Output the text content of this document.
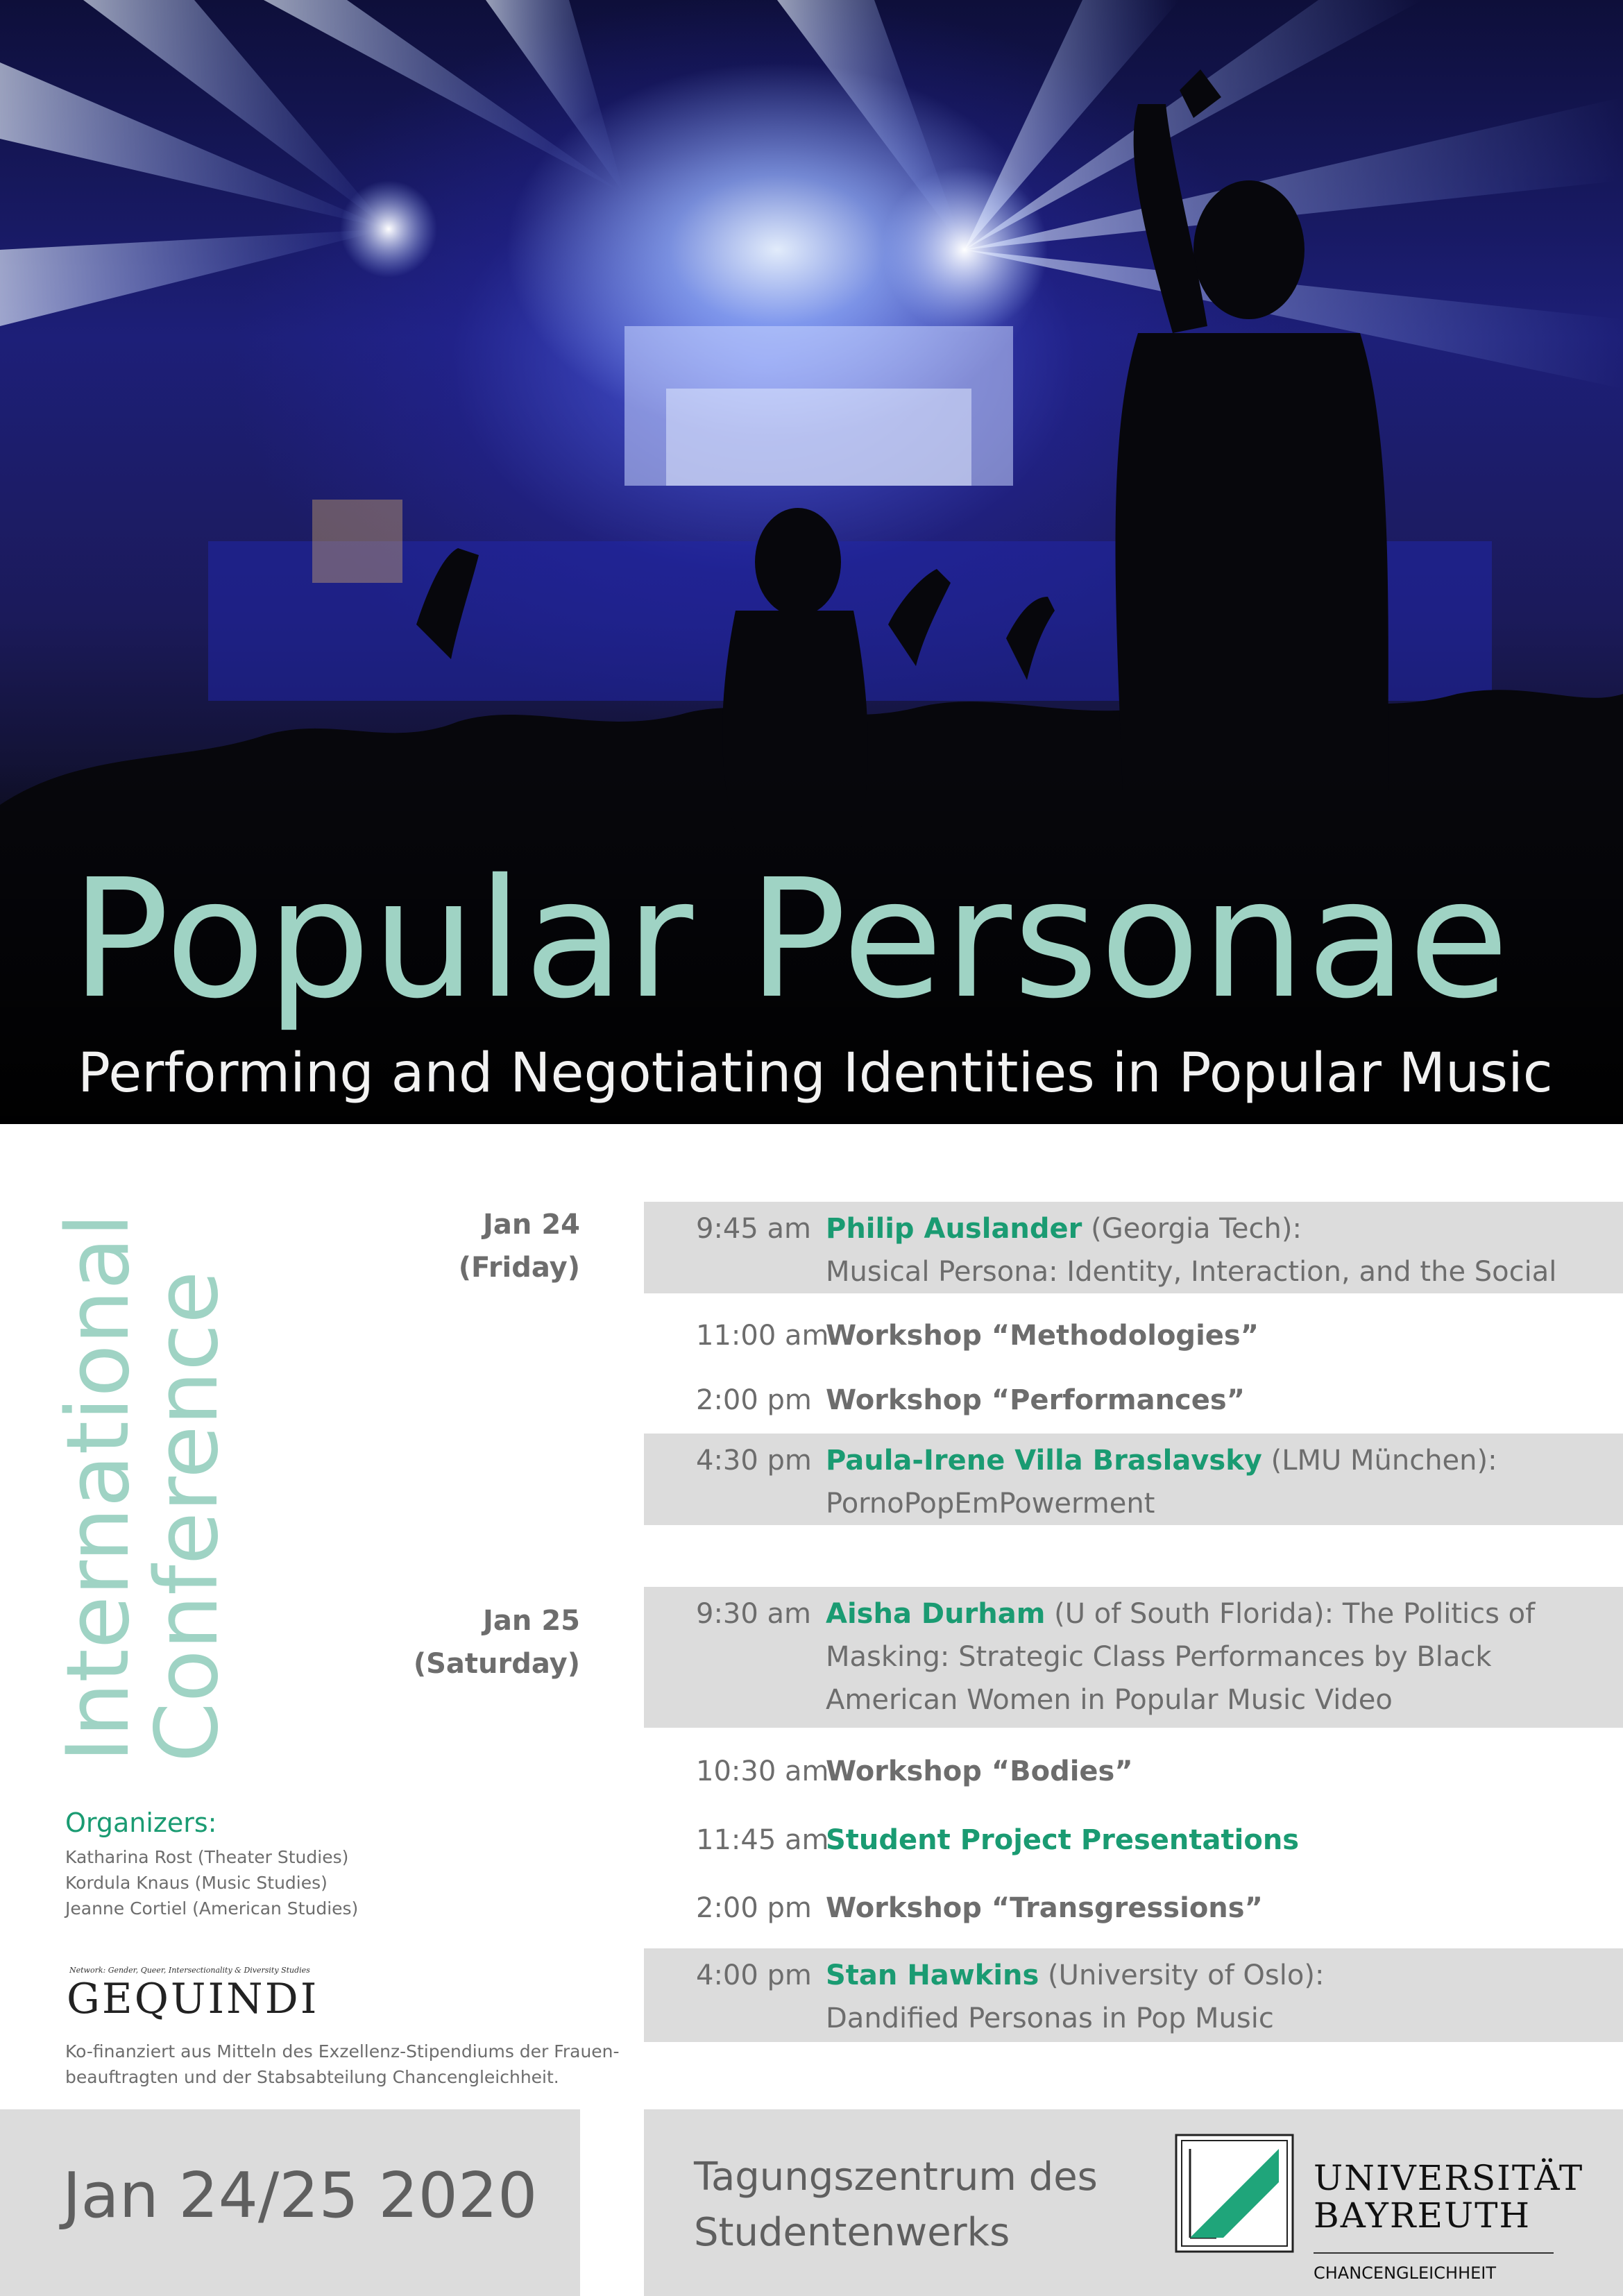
Popular Personae
Performing and Negotiating Identities in Popular Music
International
Conference
Jan 24
(Friday)
Jan 25
(Saturday)
9:45 am Philip Auslander (Georgia Tech):
Musical Persona: Identity, Interaction, and the Social
11:00 am
Workshop “Methodologies”
2:00 pm Workshop “Performances”
4:30 pm Paula-Irene Villa Braslavsky (LMU München):
PornoPopEmPowerment
9:30 am Aisha Durham (U of South Florida): The Politics of
Masking: Strategic Class Performances by Black
American Women in Popular Music Video
10:30 am
Workshop “Bodies”
11:45 am
Student Project Presentations
2:00 pm Workshop “Transgressions”
4:00 pm Stan Hawkins (University of Oslo):
Dandified Personas in Pop Music
Organizers:
Katharina Rost (Theater Studies)
Kordula Knaus (Music Studies)
Jeanne Cortiel (American Studies)
Network: Gender, Queer, Intersectionality & Diversity Studies
GEQUINDI
Ko-finanziert aus Mitteln des Exzellenz-Stipendiums der Frauen-
beauftragten und der Stabsabteilung Chancengleichheit.
Jan 24/25 2020	Tagungszentrum des
Studentenwerks
UNIVERSITÄT
BAYREUTH
CHANCENGLEICHHEIT
